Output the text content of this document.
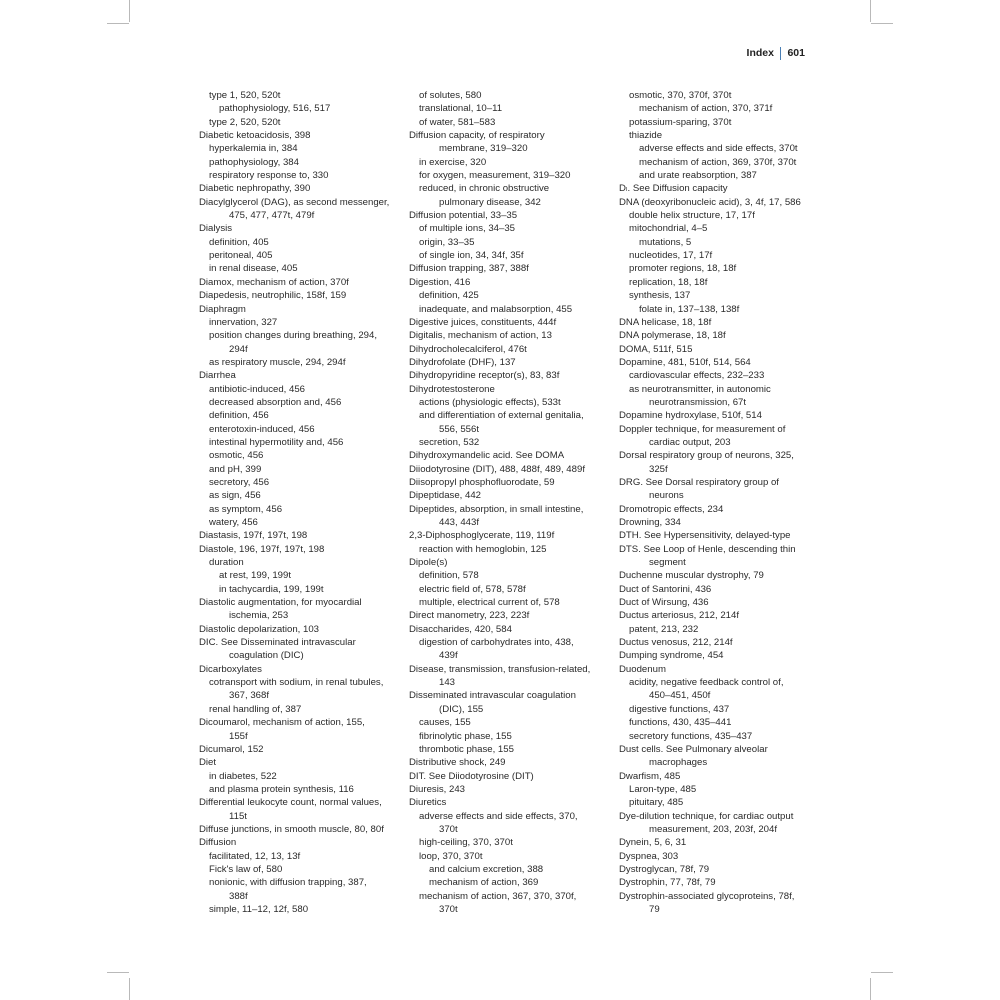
Index 601
type 1, 520, 520t
pathophysiology, 516, 517
type 2, 520, 520t
Diabetic ketoacidosis, 398
hyperkalemia in, 384
pathophysiology, 384
respiratory response to, 330
Diabetic nephropathy, 390
Diacylglycerol (DAG), as second messenger,
475, 477, 477t, 479f
Dialysis
definition, 405
peritoneal, 405
in renal disease, 405
Diamox, mechanism of action, 370f
Diapedesis, neutrophilic, 158f, 159
Diaphragm
innervation, 327
position changes during breathing, 294,
294f
as respiratory muscle, 294, 294f
Diarrhea
antibiotic-induced, 456
decreased absorption and, 456
definition, 456
enterotoxin-induced, 456
intestinal hypermotility and, 456
osmotic, 456
and pH, 399
secretory, 456
as sign, 456
as symptom, 456
watery, 456
Diastasis, 197f, 197t, 198
Diastole, 196, 197f, 197t, 198
duration
at rest, 199, 199t
in tachycardia, 199, 199t
Diastolic augmentation, for myocardial
ischemia, 253
Diastolic depolarization, 103
DIC. See Disseminated intravascular
coagulation (DIC)
Dicarboxylates
cotransport with sodium, in renal tubules,
367, 368f
renal handling of, 387
Dicoumarol, mechanism of action, 155,
155f
Dicumarol, 152
Diet
in diabetes, 522
and plasma protein synthesis, 116
Differential leukocyte count, normal values,
115t
Diffuse junctions, in smooth muscle, 80, 80f
Diffusion
facilitated, 12, 13, 13f
Fick's law of, 580
nonionic, with diffusion trapping, 387,
388f
simple, 11–12, 12f, 580
of solutes, 580
translational, 10–11
of water, 581–583
Diffusion capacity, of respiratory
membrane, 319–320
in exercise, 320
for oxygen, measurement, 319–320
reduced, in chronic obstructive
pulmonary disease, 342
Diffusion potential, 33–35
of multiple ions, 34–35
origin, 33–35
of single ion, 34, 34f, 35f
Diffusion trapping, 387, 388f
Digestion, 416
definition, 425
inadequate, and malabsorption, 455
Digestive juices, constituents, 444f
Digitalis, mechanism of action, 13
Dihydrocholecalciferol, 476t
Dihydrofolate (DHF), 137
Dihydropyridine receptor(s), 83, 83f
Dihydrotestosterone
actions (physiologic effects), 533t
and differentiation of external genitalia,
556, 556t
secretion, 532
Dihydroxymandelic acid. See DOMA
Diiodotyrosine (DIT), 488, 488f, 489, 489f
Diisopropyl phosphofluorodate, 59
Dipeptidase, 442
Dipeptides, absorption, in small intestine,
443, 443f
2,3-Diphosphoglycerate, 119, 119f
reaction with hemoglobin, 125
Dipole(s)
definition, 578
electric field of, 578, 578f
multiple, electrical current of, 578
Direct manometry, 223, 223f
Disaccharides, 420, 584
digestion of carbohydrates into, 438,
439f
Disease, transmission, transfusion-related,
143
Disseminated intravascular coagulation
(DIC), 155
causes, 155
fibrinolytic phase, 155
thrombotic phase, 155
Distributive shock, 249
DIT. See Diiodotyrosine (DIT)
Diuresis, 243
Diuretics
adverse effects and side effects, 370,
370t
high-ceiling, 370, 370t
loop, 370, 370t
and calcium excretion, 388
mechanism of action, 369
mechanism of action, 367, 370, 370f,
370t
osmotic, 370, 370f, 370t
mechanism of action, 370, 371f
potassium-sparing, 370t
thiazide
adverse effects and side effects, 370t
mechanism of action, 369, 370f, 370t
and urate reabsorption, 387
Dₗ. See Diffusion capacity
DNA (deoxyribonucleic acid), 3, 4f, 17, 586
double helix structure, 17, 17f
mitochondrial, 4–5
mutations, 5
nucleotides, 17, 17f
promoter regions, 18, 18f
replication, 18, 18f
synthesis, 137
folate in, 137–138, 138f
DNA helicase, 18, 18f
DNA polymerase, 18, 18f
DOMA, 511f, 515
Dopamine, 481, 510f, 514, 564
cardiovascular effects, 232–233
as neurotransmitter, in autonomic
neurotransmission, 67t
Dopamine hydroxylase, 510f, 514
Doppler technique, for measurement of
cardiac output, 203
Dorsal respiratory group of neurons, 325,
325f
DRG. See Dorsal respiratory group of
neurons
Dromotropic effects, 234
Drowning, 334
DTH. See Hypersensitivity, delayed-type
DTS. See Loop of Henle, descending thin
segment
Duchenne muscular dystrophy, 79
Duct of Santorini, 436
Duct of Wirsung, 436
Ductus arteriosus, 212, 214f
patent, 213, 232
Ductus venosus, 212, 214f
Dumping syndrome, 454
Duodenum
acidity, negative feedback control of,
450–451, 450f
digestive functions, 437
functions, 430, 435–441
secretory functions, 435–437
Dust cells. See Pulmonary alveolar
macrophages
Dwarfism, 485
Laron-type, 485
pituitary, 485
Dye-dilution technique, for cardiac output
measurement, 203, 203f, 204f
Dynein, 5, 6, 31
Dyspnea, 303
Dystroglycan, 78f, 79
Dystrophin, 77, 78f, 79
Dystrophin-associated glycoproteins, 78f,
79
